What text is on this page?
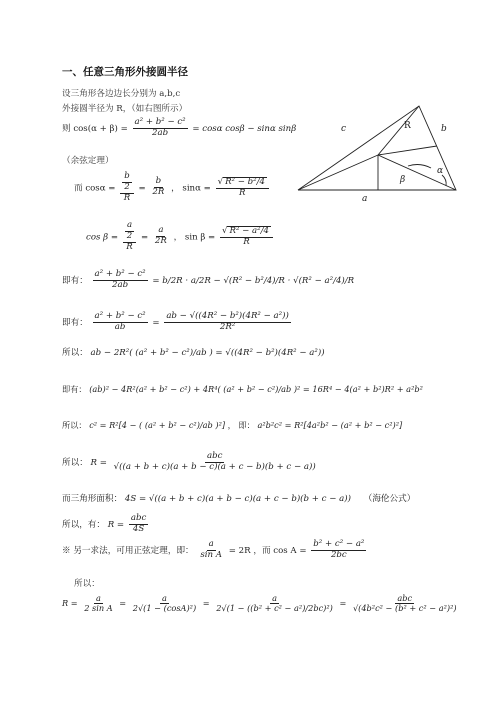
一、任意三角形外接圆半径
设三角形各边边长分别为 a,b,c
外接圆半径为 R，（如右图所示）
则 $\cos(\alpha + \beta) = \frac{\text{a² + b² − c²}}{2ab} = \cos\alpha$ cosβ − sinα sinβ
（余弦定理）
而 $\cos\alpha = \frac{\frac{b}{2}}{R} = \frac{b}{2R}$ ， $\sin\alpha = \frac{\text{√ R² − b²/4}}{R}$
$\cos \beta = \frac{\frac{a}{2}}{R} = \frac{a}{2R}$ ， $\sin \beta = \frac{\text{√ R² − a²/4}}{R}$
即有： $\frac{\text{a² + b² − c²}}{2ab} = b/2R \cdot a/2R - √(R^2 - b^2/4)/R \cdot √(R^2 - a^2/4)/R$
即有： $\frac{\text{a² + b² − c²}}{ab} = \frac{\text{ab − √((4R² − b²)(4R² − a²))}}{\text{2R²}}$
所以： ab − 2R²( (a² + b² − c²)/ab ) = √((4R² − b²)(4R² − a²))
即有： (ab)² − 4R²(a² + b² − c²) + 4R⁴( (a² + b² − c²)/ab )² = 16R⁴ − 4(a² + b²)R² + a²b²
所以： c² = R²[4 − ( (a² + b² − c²)/ab )²] ， 即： a²b²c² = R²[4a²b² − (a² + b² − c²)²]
所以： $R = \frac{\text{abc}}{√((a + b + c)(a + b - c)(a + c - b)(b + c - a))}$
而三角形面积： 4S = √((a + b + c)(a + b − c)(a + c − b)(b + c − a)) （海伦公式）
所以，有： $R = \frac{\text{abc}}{4S}$
※ 另一求法，可用正弦定理，即： $\frac{a}{\text{sin A}} = 2R$ ，而 $\cos A = \frac{\text{b² + c² − a²}}{2bc}$
所以：
$R = \frac{a}{\text{2 sin A}} = \frac{a}{\text{2√(1 − (cosA)²)}} = \frac{a}{\text{2√(1 − ((b² + c² − a²)/2bc)²)}} = \frac{\text{abc}}{\text{√(4b²c² − (b² + c² − a²)²)}}$
c	R	b
a
α
β
